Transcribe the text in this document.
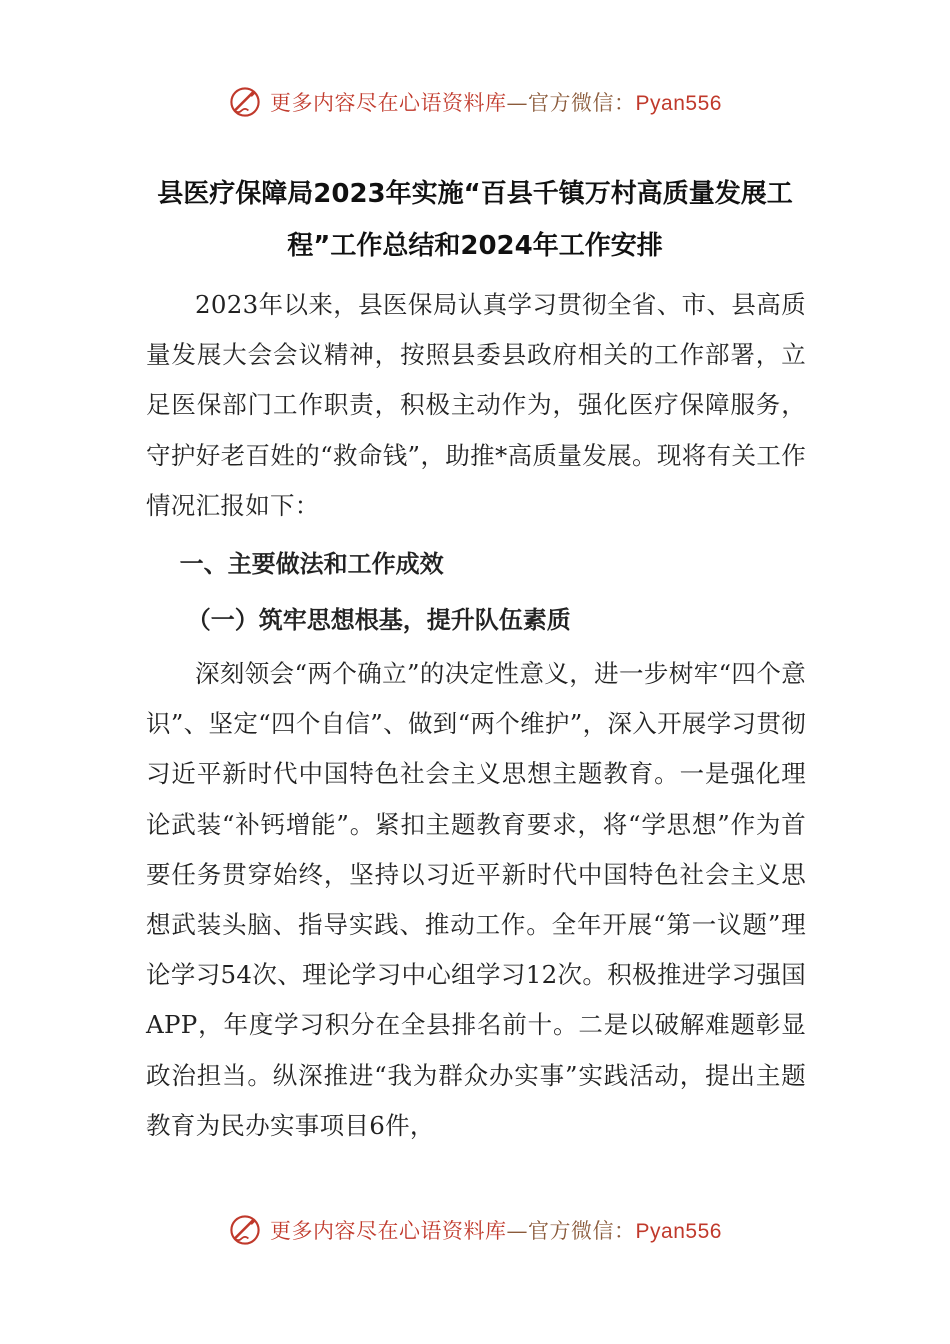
更多内容尽在心语资料库—官方微信：Pyan556
县医疗保障局2023年实施“百县千镇万村高质量发展工程”工作总结和2024年工作安排

2023年以来，县医保局认真学习贯彻全省、市、县高质量发展大会会议精神，按照县委县政府相关的工作部署，立足医保部门工作职责，积极主动作为，强化医疗保障服务，守护好老百姓的“救命钱”，助推*高质量发展。现将有关工作情况汇报如下：

一、主要做法和工作成效

（一）筑牢思想根基，提升队伍素质

深刻领会“两个确立”的决定性意义，进一步树牢“四个意识”、坚定“四个自信”、做到“两个维护”，深入开展学习贯彻习近平新时代中国特色社会主义思想主题教育。一是强化理论武装“补钙增能”。紧扣主题教育要求，将“学思想”作为首要任务贯穿始终，坚持以习近平新时代中国特色社会主义思想武装头脑、指导实践、推动工作。全年开展“第一议题”理论学习54次、理论学习中心组学习12次。积极推进学习强国APP，年度学习积分在全县排名前十。二是以破解难题彰显政治担当。纵深推进“我为群众办实事”实践活动，提出主题教育为民办实事项目6件，

更多内容尽在心语资料库—官方微信：Pyan556
